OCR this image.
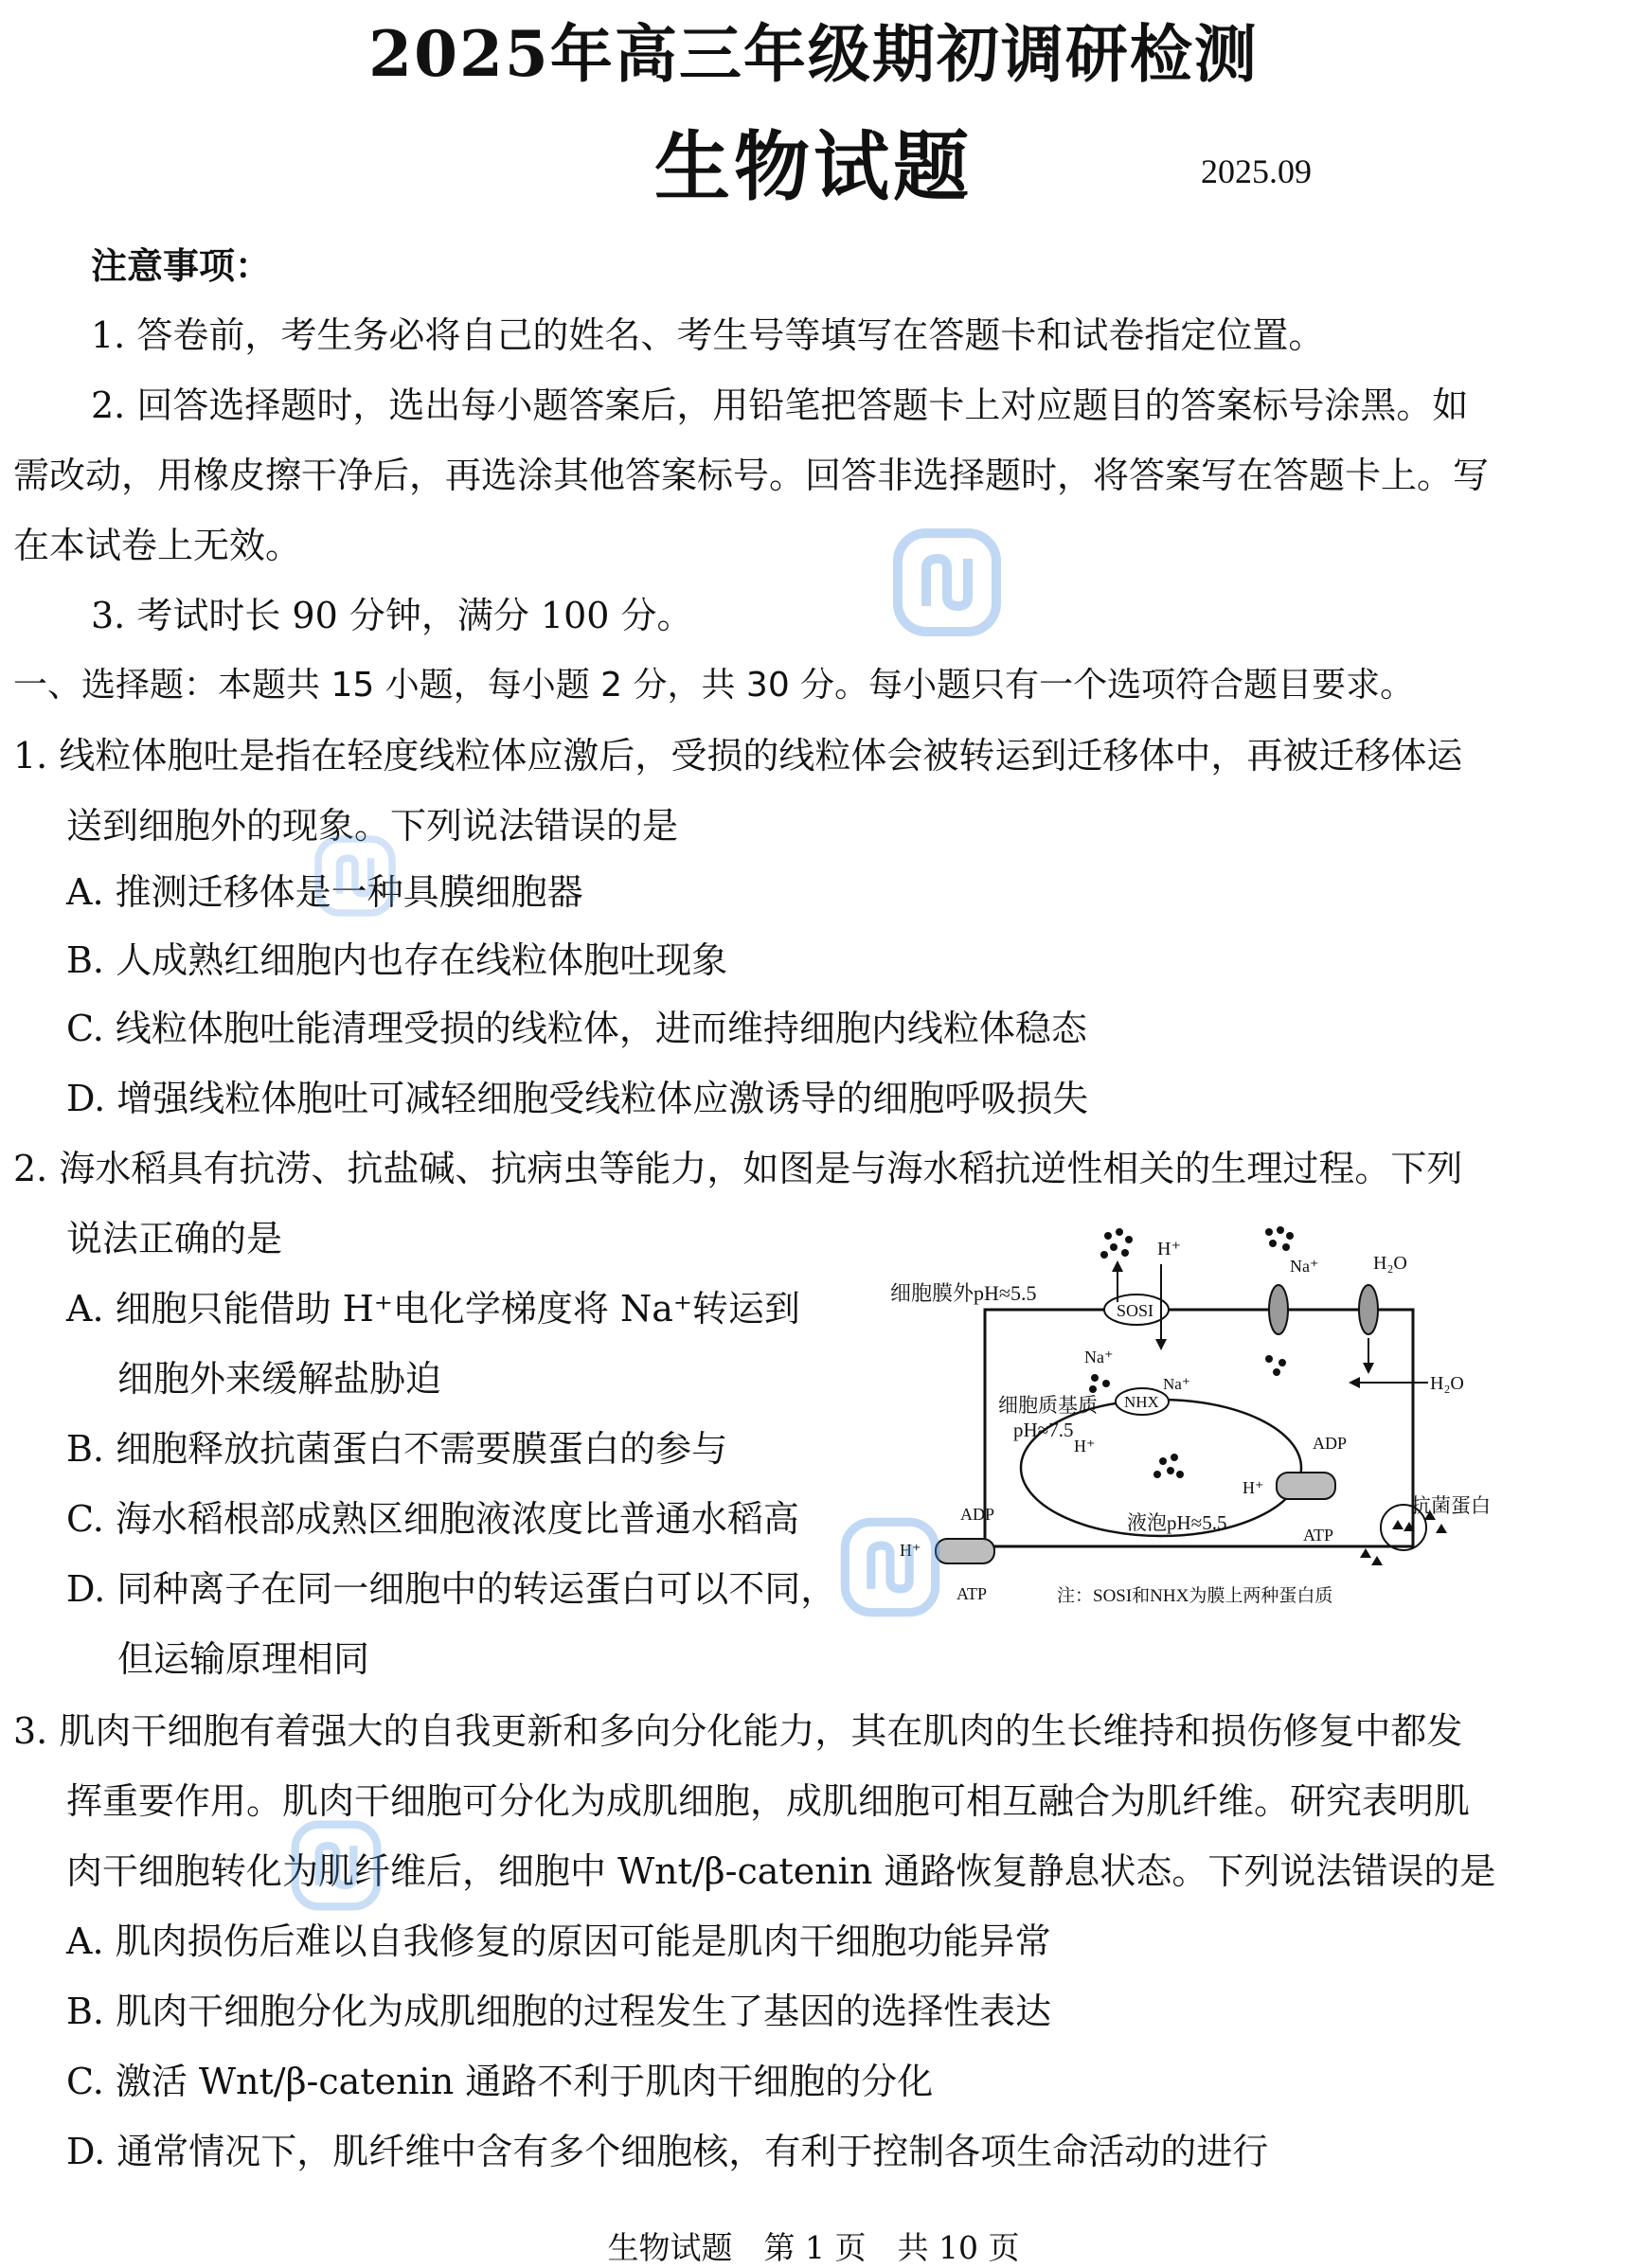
2025年高三年级期初调研检测
生物试题	2025.09
注意事项：
1. 答卷前，考生务必将自己的姓名、考生号等填写在答题卡和试卷指定位置。
2. 回答选择题时，选出每小题答案后，用铅笔把答题卡上对应题目的答案标号涂黑。如
需改动，用橡皮擦干净后，再选涂其他答案标号。回答非选择题时，将答案写在答题卡上。写
在本试卷上无效。
3. 考试时长 90 分钟，满分 100 分。
一、选择题：本题共 15 小题，每小题 2 分，共 30 分。每小题只有一个选项符合题目要求。
1. 线粒体胞吐是指在轻度线粒体应激后，受损的线粒体会被转运到迁移体中，再被迁移体运
送到细胞外的现象。下列说法错误的是
A. 推测迁移体是一种具膜细胞器
B. 人成熟红细胞内也存在线粒体胞吐现象
C. 线粒体胞吐能清理受损的线粒体，进而维持细胞内线粒体稳态
D. 增强线粒体胞吐可减轻细胞受线粒体应激诱导的细胞呼吸损失
2. 海水稻具有抗涝、抗盐碱、抗病虫等能力，如图是与海水稻抗逆性相关的生理过程。下列
说法正确的是
A. 细胞只能借助 H⁺电化学梯度将 Na⁺转运到
细胞外来缓解盐胁迫
B. 细胞释放抗菌蛋白不需要膜蛋白的参与
C. 海水稻根部成熟区细胞液浓度比普通水稻高
D. 同种离子在同一细胞中的转运蛋白可以不同，
但运输原理相同
细胞膜外pH≈5.5
SOSI
H⁺
Na⁺
Na⁺	H₂O
H₂O
细胞质基质
pH≈7.5
NHX
Na⁺
H⁺
H⁺
ADP
ATP
液泡pH≈5.5
ADP
H⁺
ATP
抗菌蛋白
注：SOSI和NHX为膜上两种蛋白质
3. 肌肉干细胞有着强大的自我更新和多向分化能力，其在肌肉的生长维持和损伤修复中都发
挥重要作用。肌肉干细胞可分化为成肌细胞，成肌细胞可相互融合为肌纤维。研究表明肌
肉干细胞转化为肌纤维后，细胞中 Wnt/β-catenin 通路恢复静息状态。下列说法错误的是
A. 肌肉损伤后难以自我修复的原因可能是肌肉干细胞功能异常
B. 肌肉干细胞分化为成肌细胞的过程发生了基因的选择性表达
C. 激活 Wnt/β-catenin 通路不利于肌肉干细胞的分化
D. 通常情况下，肌纤维中含有多个细胞核，有利于控制各项生命活动的进行
生物试题　第 1 页　共 10 页
